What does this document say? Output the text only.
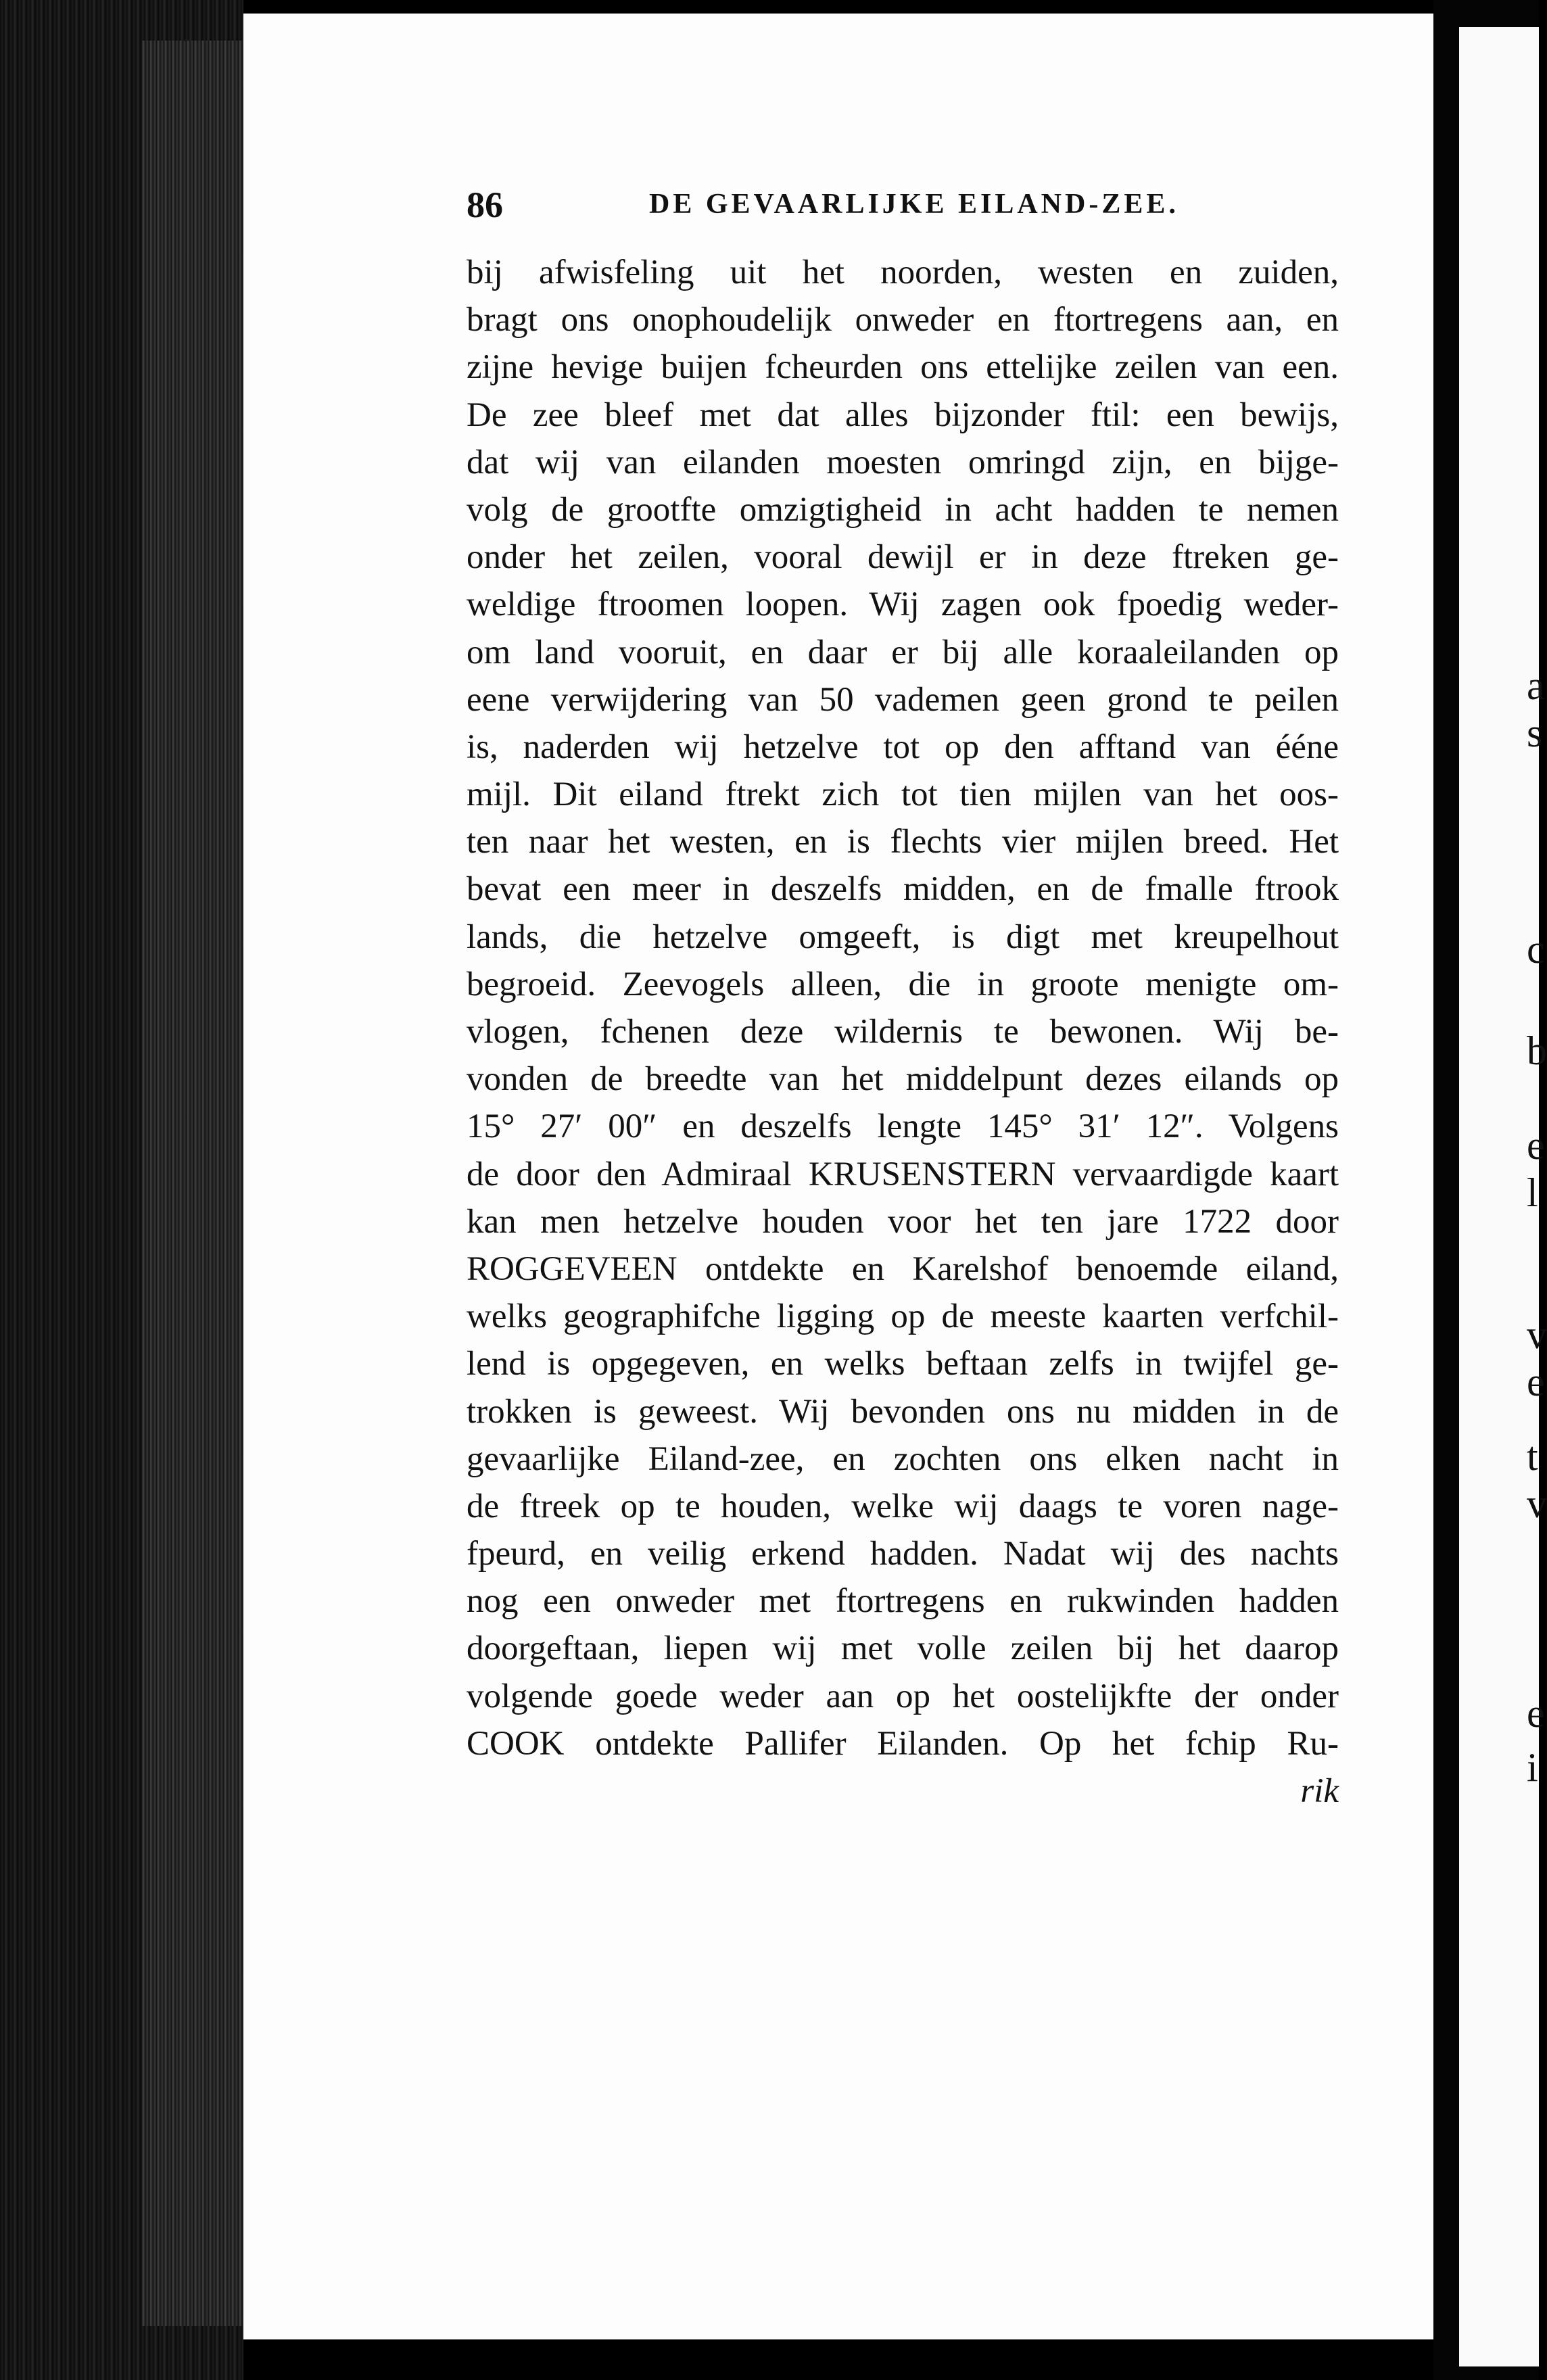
a
s
c
b
e
l
v
e
t
v
e
i
86	DE GEVAARLIJKE EILAND-ZEE.
bij afwisfeling uit het noorden, westen en zuiden,
bragt ons onophoudelijk onweder en ftortregens aan, en
zijne hevige buijen fcheurden ons ettelijke zeilen van een.
De zee bleef met dat alles bijzonder ftil: een bewijs,
dat wij van eilanden moesten omringd zijn, en bijge-
volg de grootfte omzigtigheid in acht hadden te nemen
onder het zeilen, vooral dewijl er in deze ftreken ge-
weldige ftroomen loopen. Wij zagen ook fpoedig weder-
om land vooruit, en daar er bij alle koraaleilanden op
eene verwijdering van 50 vademen geen grond te peilen
is, naderden wij hetzelve tot op den afftand van ééne
mijl. Dit eiland ftrekt zich tot tien mijlen van het oos-
ten naar het westen, en is flechts vier mijlen breed. Het
bevat een meer in deszelfs midden, en de fmalle ftrook
lands, die hetzelve omgeeft, is digt met kreupelhout
begroeid. Zeevogels alleen, die in groote menigte om-
vlogen, fchenen deze wildernis te bewonen. Wij be-
vonden de breedte van het middelpunt dezes eilands op
15° 27′ 00″ en deszelfs lengte 145° 31′ 12″. Volgens
de door den Admiraal KRUSENSTERN vervaardigde kaart
kan men hetzelve houden voor het ten jare 1722 door
ROGGEVEEN ontdekte en Karelshof benoemde eiland,
welks geographifche ligging op de meeste kaarten verfchil-
lend is opgegeven, en welks beftaan zelfs in twijfel ge-
trokken is geweest. Wij bevonden ons nu midden in de
gevaarlijke Eiland-zee, en zochten ons elken nacht in
de ftreek op te houden, welke wij daags te voren nage-
fpeurd, en veilig erkend hadden. Nadat wij des nachts
nog een onweder met ftortregens en rukwinden hadden
doorgeftaan, liepen wij met volle zeilen bij het daarop
volgende goede weder aan op het oostelijkfte der onder
COOK ontdekte Pallifer Eilanden. Op het fchip Ru-
rik
